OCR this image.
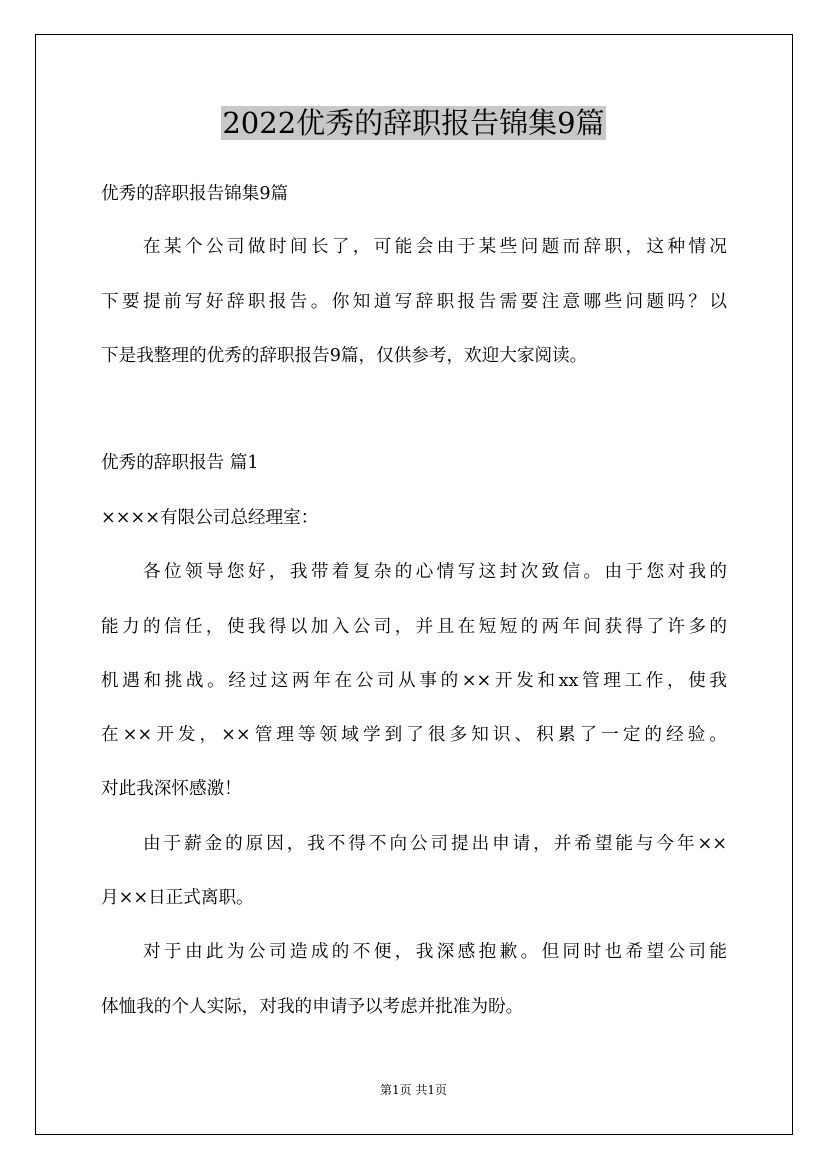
2022优秀的辞职报告锦集9篇
优秀的辞职报告锦集9篇
在某个公司做时间长了，可能会由于某些问题而辞职，这种情况
下要提前写好辞职报告。你知道写辞职报告需要注意哪些问题吗？以
下是我整理的优秀的辞职报告9篇，仅供参考，欢迎大家阅读。
优秀的辞职报告 篇1
××××有限公司总经理室：
各位领导您好，我带着复杂的心情写这封次致信。由于您对我的
能力的信任，使我得以加入公司，并且在短短的两年间获得了许多的
机遇和挑战。经过这两年在公司从事的××开发和xx管理工作，使我
在××开发，××管理等领域学到了很多知识、积累了一定的经验。
对此我深怀感激！
由于薪金的原因，我不得不向公司提出申请，并希望能与今年××
月××日正式离职。
对于由此为公司造成的不便，我深感抱歉。但同时也希望公司能
体恤我的个人实际，对我的申请予以考虑并批准为盼。
第1页 共1页
